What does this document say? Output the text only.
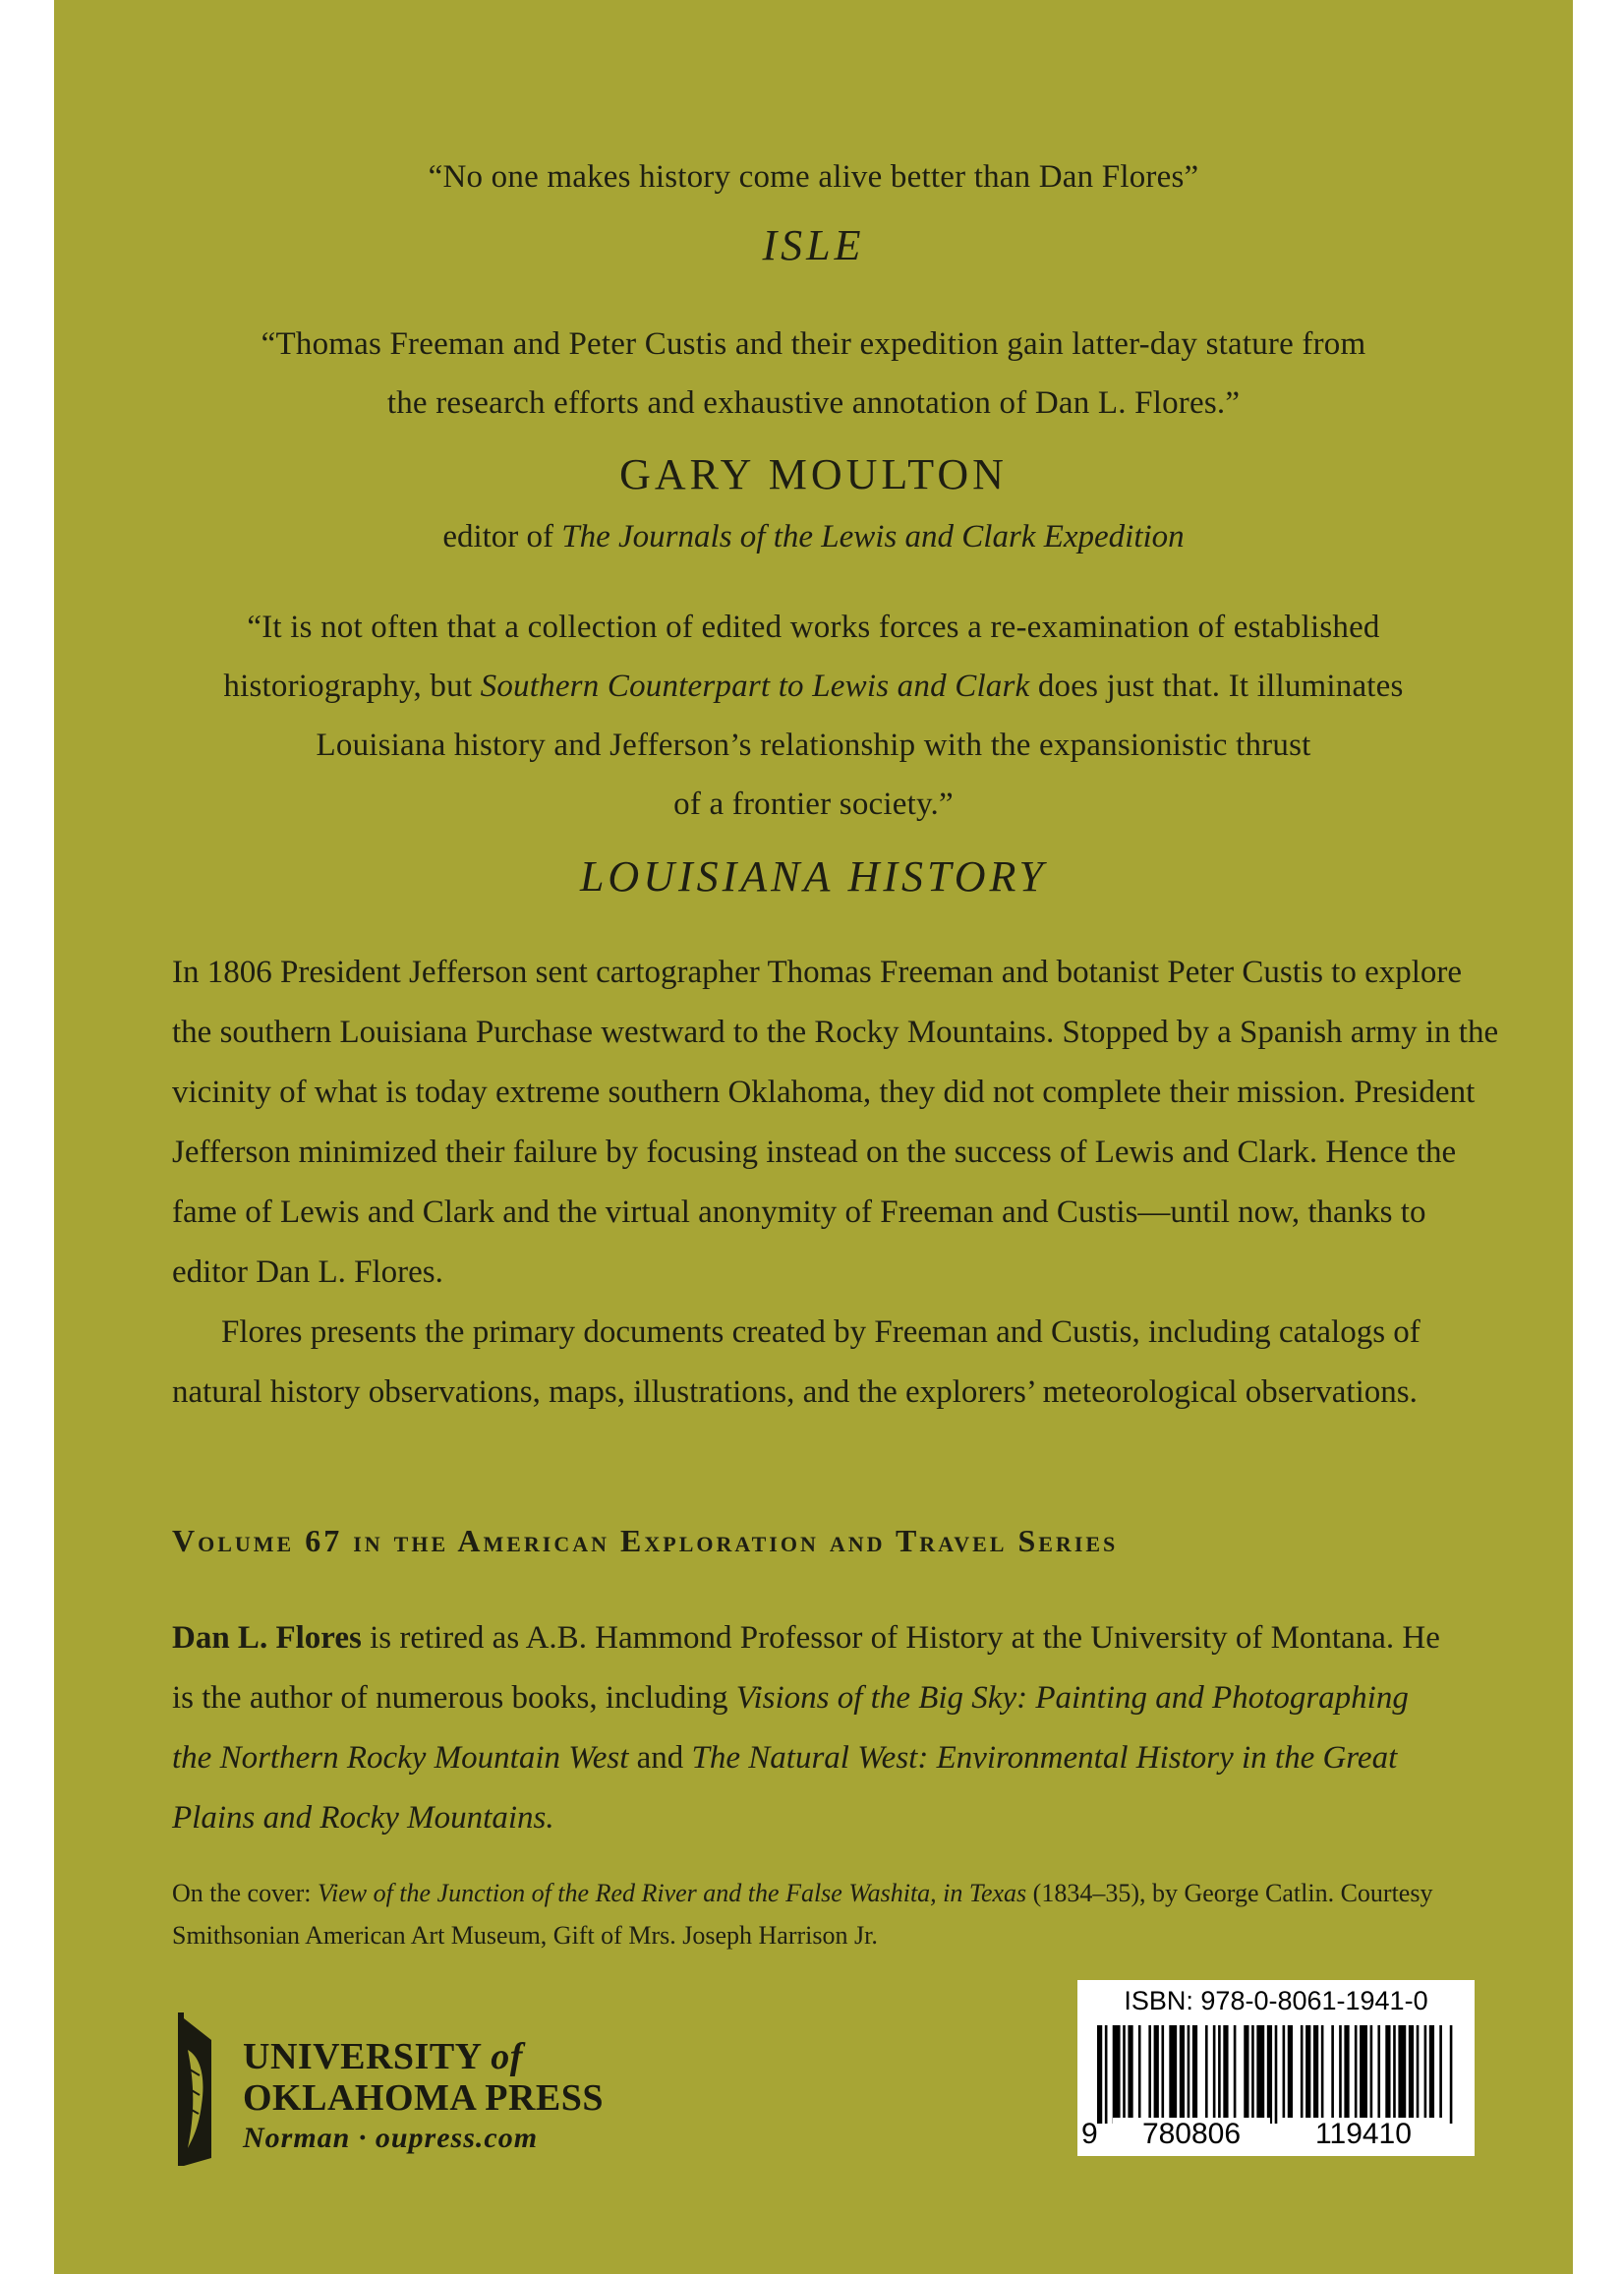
“No one makes history come alive better than Dan Flores”

ISLE

“Thomas Freeman and Peter Custis and their expedition gain latter-day stature from
the research efforts and exhaustive annotation of Dan L. Flores.”

GARY MOULTON

editor of The Journals of the Lewis and Clark Expedition

“It is not often that a collection of edited works forces a re-examination of established
historiography, but Southern Counterpart to Lewis and Clark does just that. It illuminates
Louisiana history and Jefferson’s relationship with the expansionistic thrust
of a frontier society.”

LOUISIANA HISTORY

In 1806 President Jefferson sent cartographer Thomas Freeman and botanist Peter Custis to explore the southern Louisiana Purchase westward to the Rocky Mountains. Stopped by a Spanish army in the vicinity of what is today extreme southern Oklahoma, they did not complete their mission. President Jefferson minimized their failure by focusing instead on the success of Lewis and Clark. Hence the fame of Lewis and Clark and the virtual anonymity of Freeman and Custis—until now, thanks to editor Dan L. Flores.

Flores presents the primary documents created by Freeman and Custis, including catalogs of natural history observations, maps, illustrations, and the explorers’ meteorological observations.

Volume 67 in the American Exploration and Travel Series

Dan L. Flores is retired as A.B. Hammond Professor of History at the University of Montana. He is the author of numerous books, including Visions of the Big Sky: Painting and Photographing the Northern Rocky Mountain West and The Natural West: Environmental History in the Great Plains and Rocky Mountains.

On the cover: View of the Junction of the Red River and the False Washita, in Texas (1834–35), by George Catlin. Courtesy Smithsonian American Art Museum, Gift of Mrs. Joseph Harrison Jr.

UNIVERSITY of
OKLAHOMA PRESS
Norman · oupress.com
ISBN: 978-0-8061-1941-0
9	780806	119410
